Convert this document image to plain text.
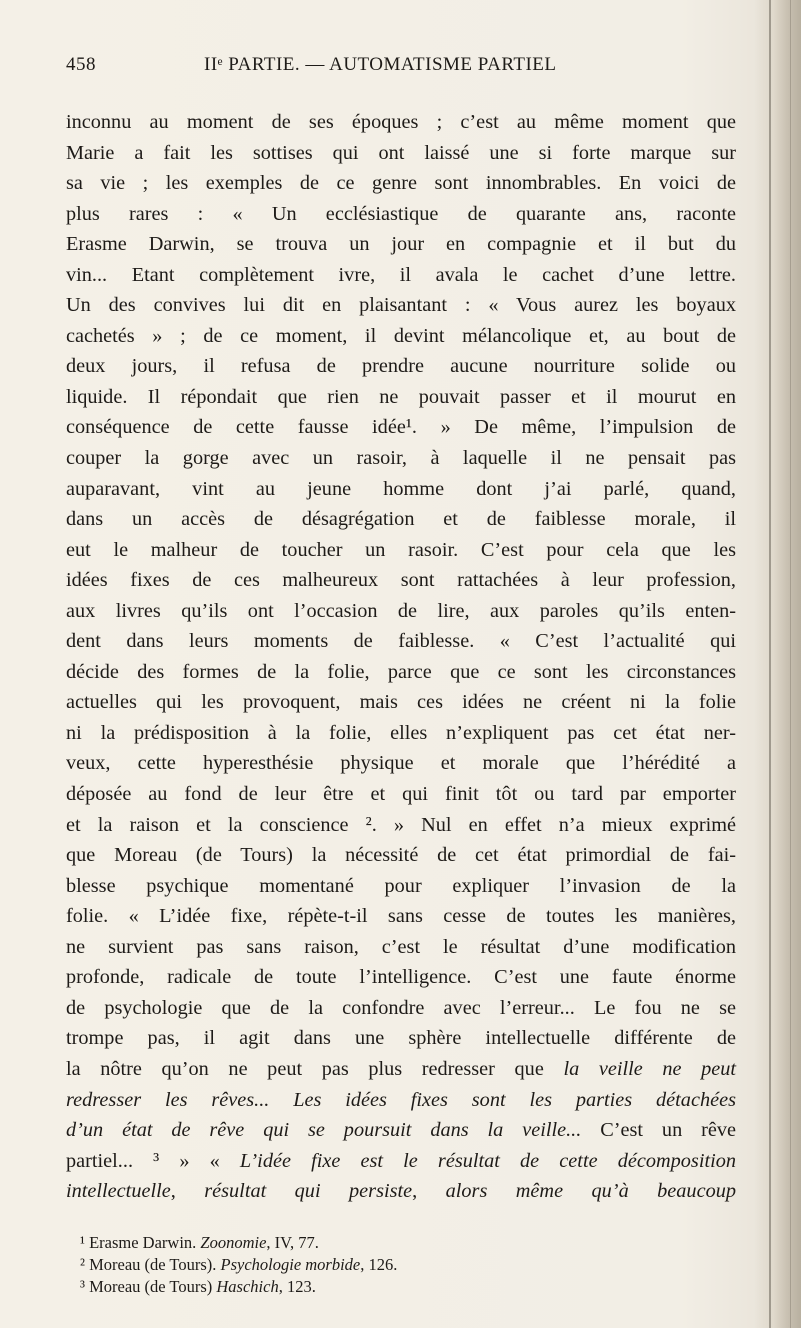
458	IIᵉ PARTIE. — AUTOMATISME PARTIEL
inconnu au moment de ses époques ; c’est au même moment que
Marie a fait les sottises qui ont laissé une si forte marque sur
sa vie ; les exemples de ce genre sont innombrables. En voici de
plus rares : « Un ecclésiastique de quarante ans, raconte
Erasme Darwin, se trouva un jour en compagnie et il but du
vin... Etant complètement ivre, il avala le cachet d’une lettre.
Un des convives lui dit en plaisantant : « Vous aurez les boyaux
cachetés » ; de ce moment, il devint mélancolique et, au bout de
deux jours, il refusa de prendre aucune nourriture solide ou
liquide. Il répondait que rien ne pouvait passer et il mourut en
conséquence de cette fausse idée¹. » De même, l’impulsion de
couper la gorge avec un rasoir, à laquelle il ne pensait pas
auparavant, vint au jeune homme dont j’ai parlé, quand,
dans un accès de désagrégation et de faiblesse morale, il
eut le malheur de toucher un rasoir. C’est pour cela que les
idées fixes de ces malheureux sont rattachées à leur profession,
aux livres qu’ils ont l’occasion de lire, aux paroles qu’ils enten-
dent dans leurs moments de faiblesse. « C’est l’actualité qui
décide des formes de la folie, parce que ce sont les circonstances
actuelles qui les provoquent, mais ces idées ne créent ni la folie
ni la prédisposition à la folie, elles n’expliquent pas cet état ner-
veux, cette hyperesthésie physique et morale que l’hérédité a
déposée au fond de leur être et qui finit tôt ou tard par emporter
et la raison et la conscience ². » Nul en effet n’a mieux exprimé
que Moreau (de Tours) la nécessité de cet état primordial de fai-
blesse psychique momentané pour expliquer l’invasion de la
folie. « L’idée fixe, répète-t-il sans cesse de toutes les manières,
ne survient pas sans raison, c’est le résultat d’une modification
profonde, radicale de toute l’intelligence. C’est une faute énorme
de psychologie que de la confondre avec l’erreur... Le fou ne se
trompe pas, il agit dans une sphère intellectuelle différente de
la nôtre qu’on ne peut pas plus redresser que la veille ne peut
redresser les rêves... Les idées fixes sont les parties détachées
d’un état de rêve qui se poursuit dans la veille... C’est un rêve
partiel... ³ » « L’idée fixe est le résultat de cette décomposition
intellectuelle, résultat qui persiste, alors même qu’à beaucoup
¹ Erasme Darwin. Zoonomie, IV, 77.
² Moreau (de Tours). Psychologie morbide, 126.
³ Moreau (de Tours) Haschich, 123.
